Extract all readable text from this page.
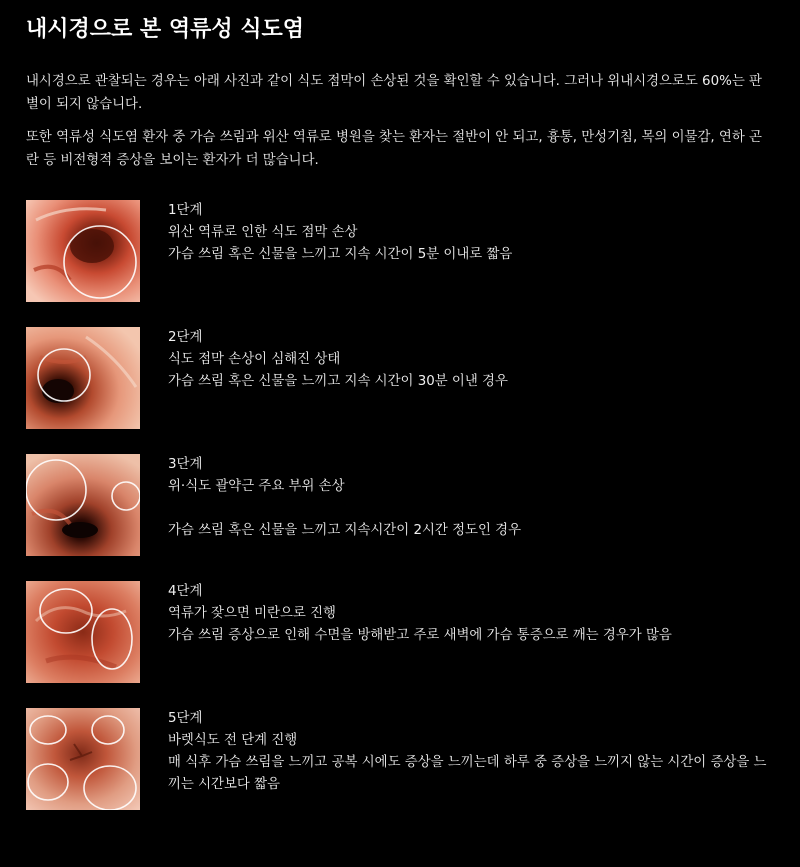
내시경으로 본 역류성 식도염

내시경으로 관찰되는 경우는 아래 사진과 같이 식도 점막이 손상된 것을 확인할 수 있습니다. 그러나 위내시경으로도 60%는 판별이 되지 않습니다.

또한 역류성 식도염 환자 중 가슴 쓰림과 위산 역류로 병원을 찾는 환자는 절반이 안 되고, 흉통, 만성기침, 목의 이물감, 연하 곤란 등 비전형적 증상을 보이는 환자가 더 많습니다.

1단계
위산 역류로 인한 식도 점막 손상
가슴 쓰림 혹은 신물을 느끼고 지속 시간이 5분 이내로 짧음
2단계
식도 점막 손상이 심해진 상태
가슴 쓰림 혹은 신물을 느끼고 지속 시간이 30분 이낸 경우
3단계
위·식도 괄약근 주요 부위 손상
가슴 쓰림 혹은 신물을 느끼고 지속시간이 2시간 정도인 경우
4단계
역류가 잦으면 미란으로 진행
가슴 쓰림 증상으로 인해 수면을 방해받고 주로 새벽에 가슴 통증으로 깨는 경우가 많음
5단계
바렛식도 전 단계 진행
매 식후 가슴 쓰림을 느끼고 공복 시에도 증상을 느끼는데 하루 중 증상을 느끼지 않는 시간이 증상을 느끼는 시간보다 짧음
